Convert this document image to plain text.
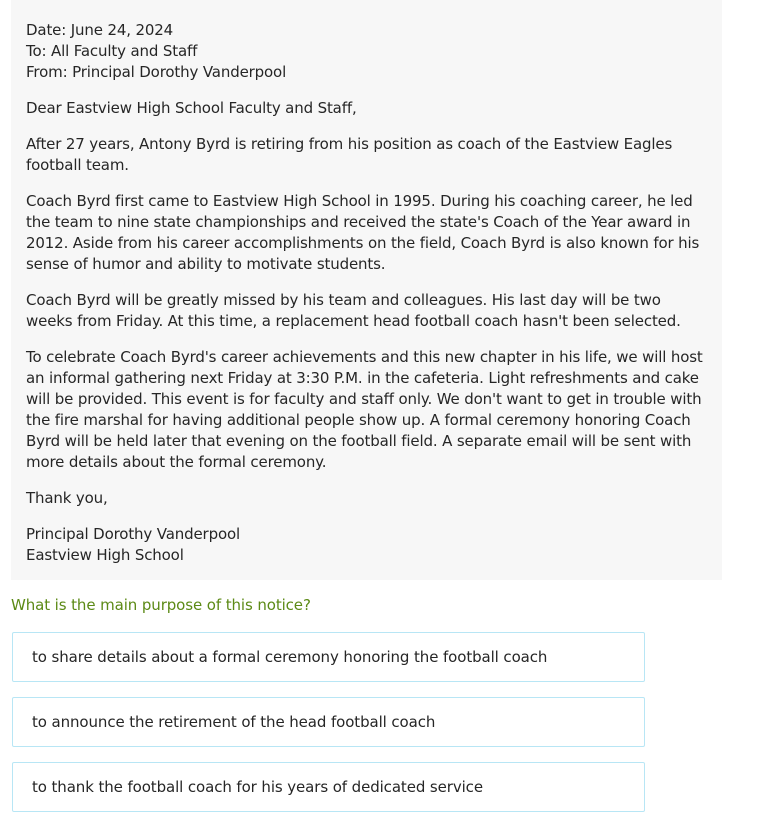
Date: June 24, 2024
To: All Faculty and Staff
From: Principal Dorothy Vanderpool

Dear Eastview High School Faculty and Staff,

After 27 years, Antony Byrd is retiring from his position as coach of the Eastview Eagles football team.

Coach Byrd first came to Eastview High School in 1995. During his coaching career, he led the team to nine state championships and received the state's Coach of the Year award in 2012. Aside from his career accomplishments on the field, Coach Byrd is also known for his sense of humor and ability to motivate students.

Coach Byrd will be greatly missed by his team and colleagues. His last day will be two weeks from Friday. At this time, a replacement head football coach hasn't been selected.

To celebrate Coach Byrd's career achievements and this new chapter in his life, we will host an informal gathering next Friday at 3:30 P.M. in the cafeteria. Light refreshments and cake will be provided. This event is for faculty and staff only. We don't want to get in trouble with the fire marshal for having additional people show up. A formal ceremony honoring Coach Byrd will be held later that evening on the football field. A separate email will be sent with more details about the formal ceremony.

Thank you,

Principal Dorothy Vanderpool
Eastview High School

What is the main purpose of this notice?
to share details about a formal ceremony honoring the football coach
to announce the retirement of the head football coach
to thank the football coach for his years of dedicated service
